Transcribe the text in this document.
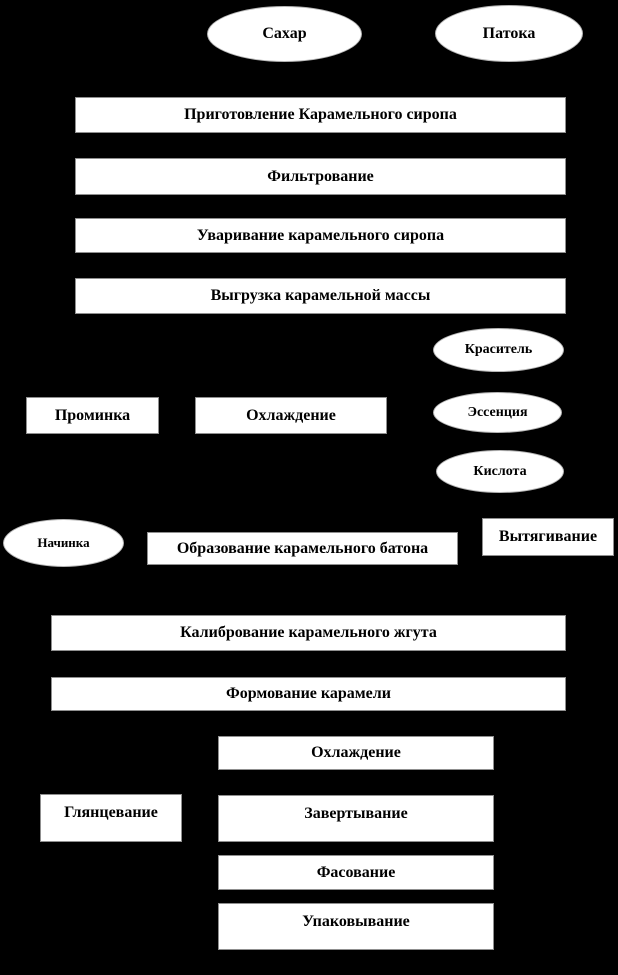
Сахар	Патока
Приготовление Карамельного сиропа
Фильтрование
Уваривание карамельного сиропа
Выгрузка карамельной массы
Краситель
Проминка	Охлаждение	Эссенция
Кислота
Начинка	Образование карамельного батона
Вытягивание
Калибрование карамельного жгута
Формование карамели
Охлаждение
Глянцевание	Завертывание
Фасование
Упаковывание
